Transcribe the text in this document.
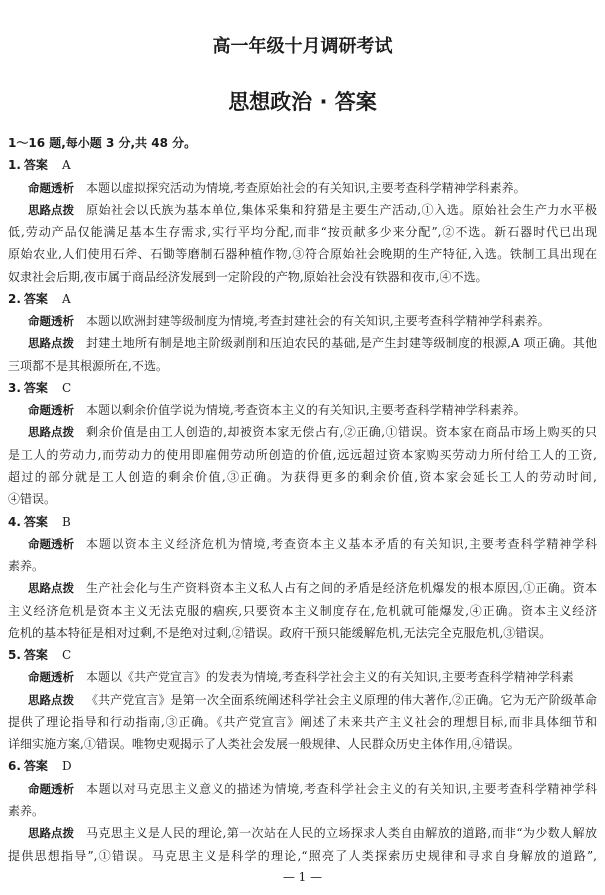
高一年级十月调研考试
思想政治 · 答案
1～16 题,每小题 3 分,共 48 分。
1. 答案 A
命题透析	本题以虚拟探究活动为情境,考查原始社会的有关知识,主要考查科学精神学科素养。
思路点拨	原始社会以氏族为基本单位,集体采集和狩猎是主要生产活动,①入选。原始社会生产力水平极
低,劳动产品仅能满足基本生存需求,实行平均分配,而非“按贡献多少来分配”,②不选。新石器时代已出现
原始农业,人们使用石斧、石锄等磨制石器种植作物,③符合原始社会晚期的生产特征,入选。铁制工具出现在
奴隶社会后期,夜市属于商品经济发展到一定阶段的产物,原始社会没有铁器和夜市,④不选。
2. 答案 A
命题透析	本题以欧洲封建等级制度为情境,考查封建社会的有关知识,主要考查科学精神学科素养。
思路点拨	封建土地所有制是地主阶级剥削和压迫农民的基础,是产生封建等级制度的根源,A 项正确。其他
三项都不是其根源所在,不选。
3. 答案 C
命题透析	本题以剩余价值学说为情境,考查资本主义的有关知识,主要考查科学精神学科素养。
思路点拨	剩余价值是由工人创造的,却被资本家无偿占有,②正确,①错误。资本家在商品市场上购买的只
是工人的劳动力,而劳动力的使用即雇佣劳动所创造的价值,远远超过资本家购买劳动力所付给工人的工资,
超过的部分就是工人创造的剩余价值,③正确。为获得更多的剩余价值,资本家会延长工人的劳动时间,
④错误。
4. 答案 B
命题透析	本题以资本主义经济危机为情境,考查资本主义基本矛盾的有关知识,主要考查科学精神学科
素养。
思路点拨	生产社会化与生产资料资本主义私人占有之间的矛盾是经济危机爆发的根本原因,①正确。资本
主义经济危机是资本主义无法克服的痼疾,只要资本主义制度存在,危机就可能爆发,④正确。资本主义经济
危机的基本特征是相对过剩,不是绝对过剩,②错误。政府干预只能缓解危机,无法完全克服危机,③错误。
5. 答案 C
命题透析	本题以《共产党宣言》的发表为情境,考查科学社会主义的有关知识,主要考查科学精神学科素
思路点拨	《共产党宣言》是第一次全面系统阐述科学社会主义原理的伟大著作,②正确。它为无产阶级革命
提供了理论指导和行动指南,③正确。《共产党宣言》阐述了未来共产主义社会的理想目标,而非具体细节和
详细实施方案,①错误。唯物史观揭示了人类社会发展一般规律、人民群众历史主体作用,④错误。
6. 答案 D
命题透析	本题以对马克思主义意义的描述为情境,考查科学社会主义的有关知识,主要考查科学精神学科
素养。
思路点拨	马克思主义是人民的理论,第一次站在人民的立场探求人类自由解放的道路,而非“为少数人解放
提供思想指导”,①错误。马克思主义是科学的理论,“照亮了人类探索历史规律和寻求自身解放的道路”,
— 1 —
